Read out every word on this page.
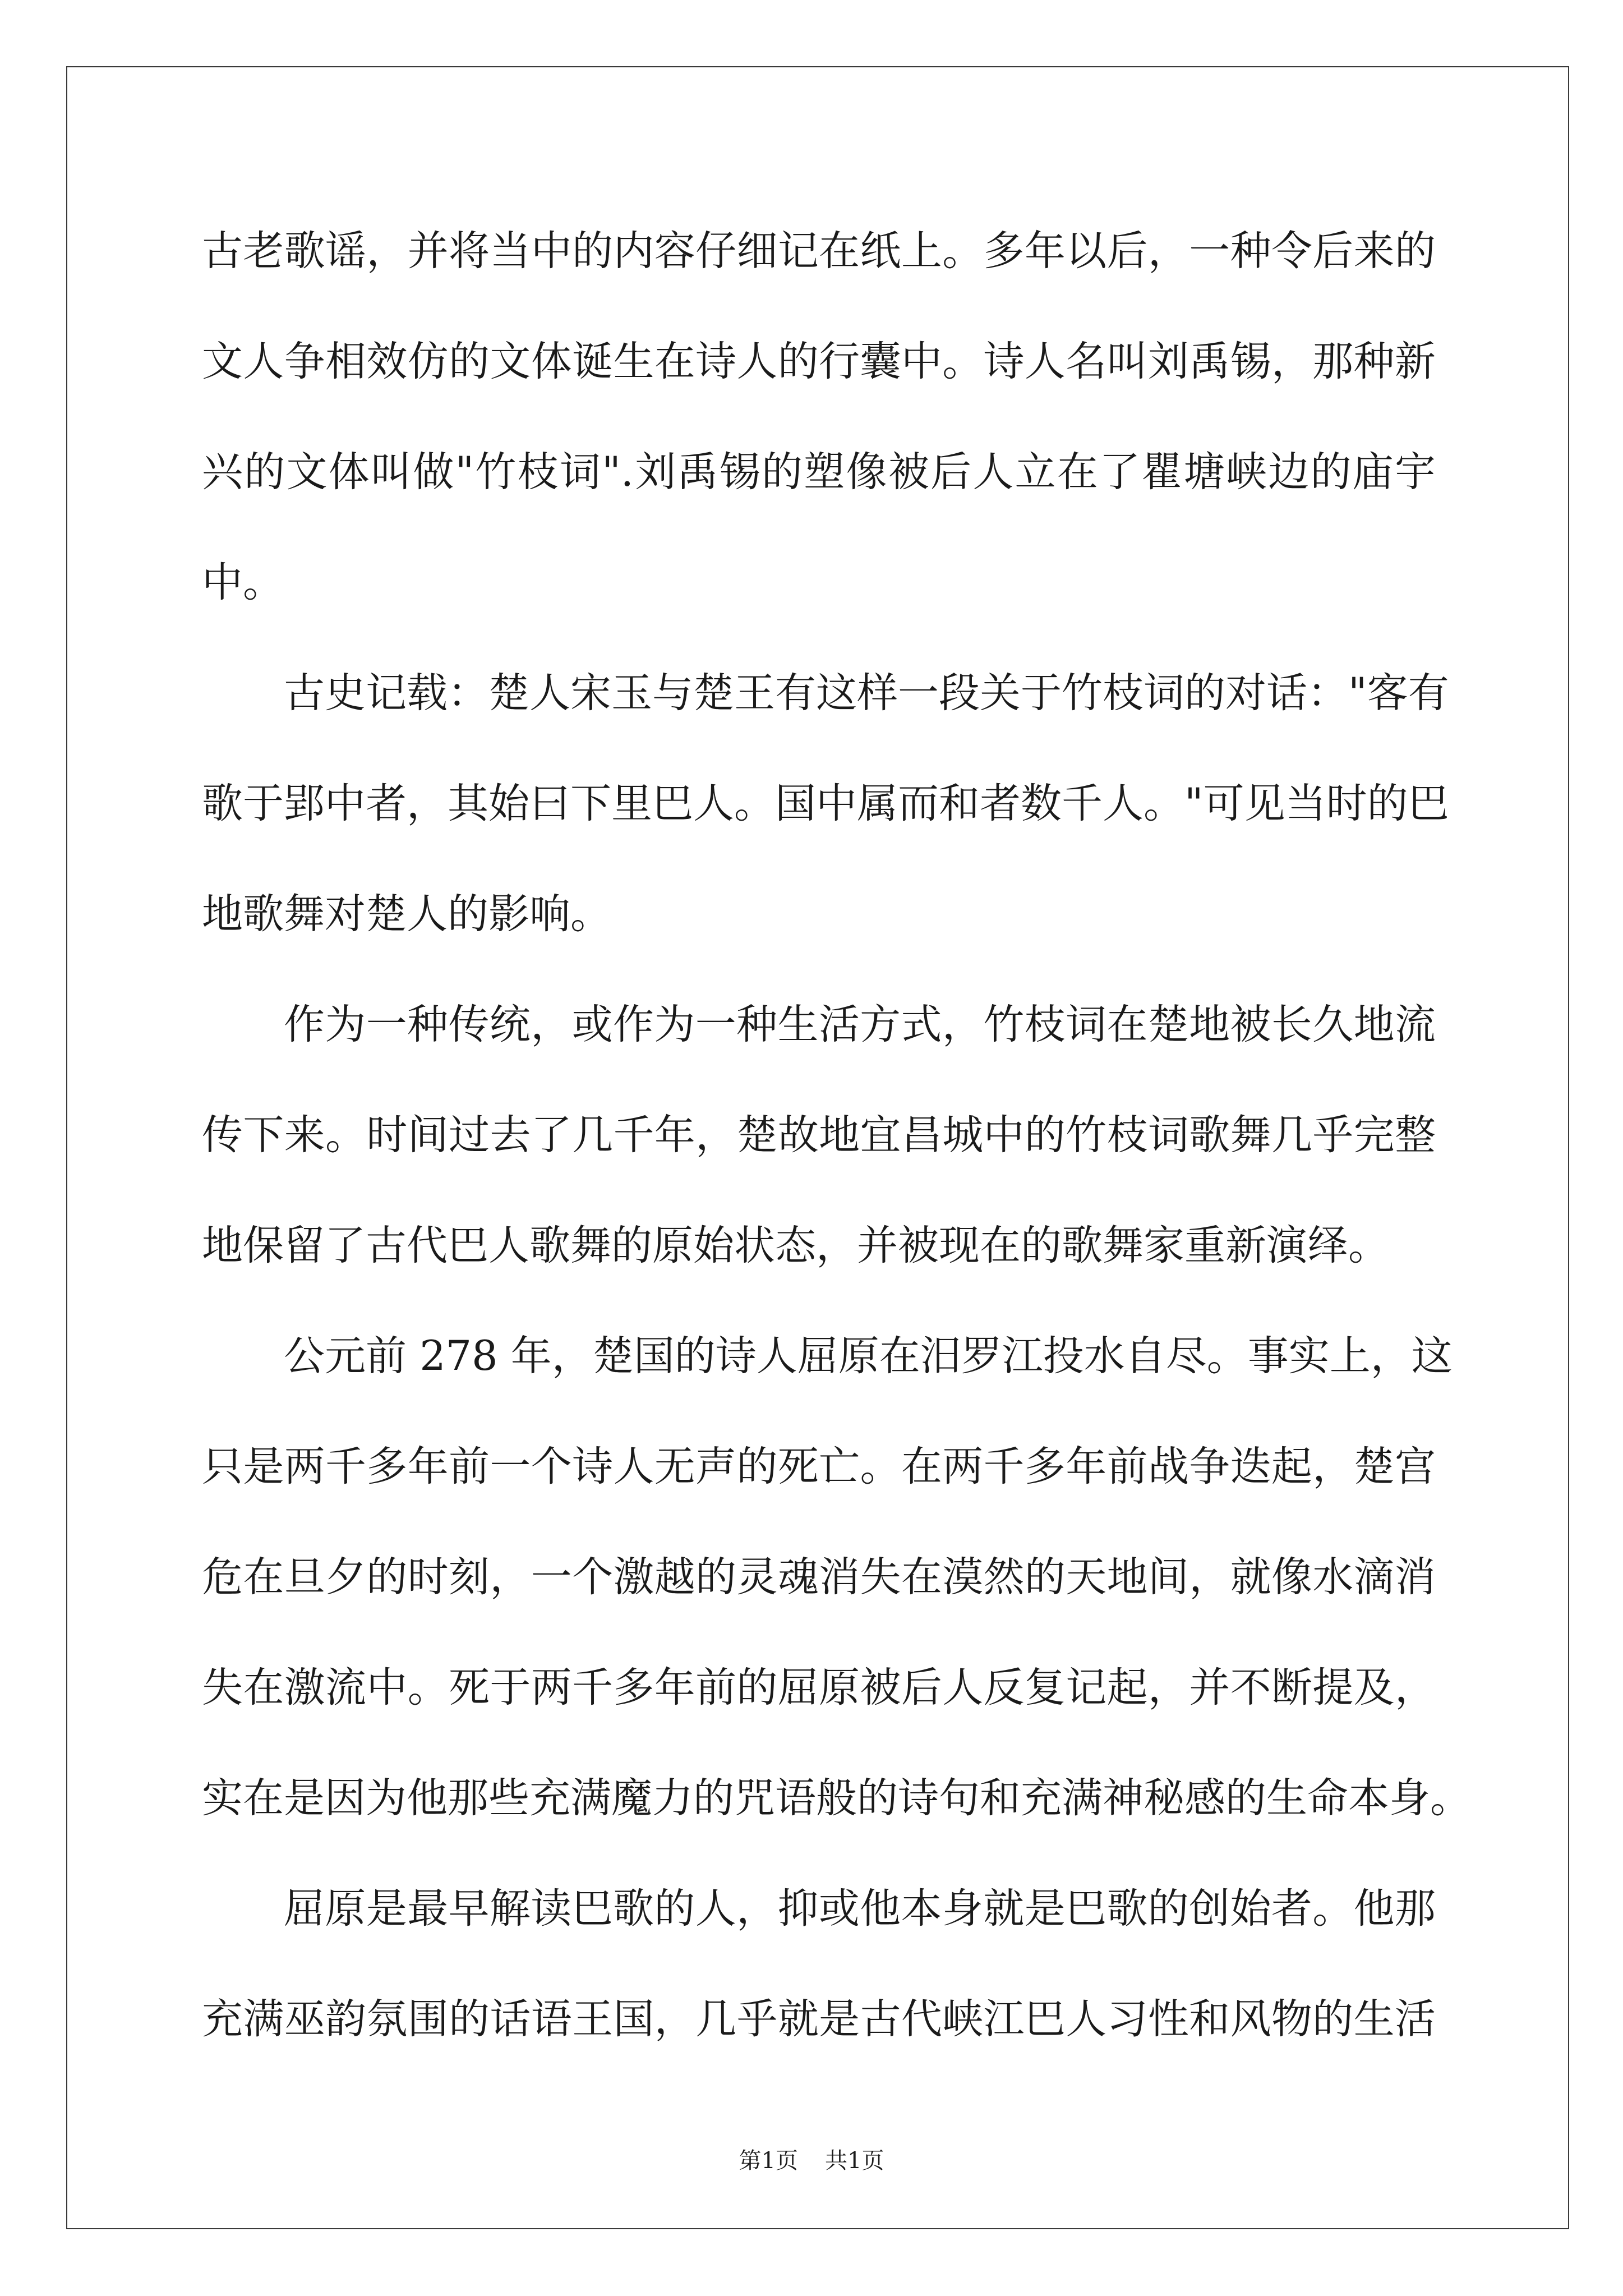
古老歌谣，并将当中的内容仔细记在纸上。多年以后，一种令后来的
文人争相效仿的文体诞生在诗人的行囊中。诗人名叫刘禹锡，那种新
兴的文体叫做"竹枝词".刘禹锡的塑像被后人立在了瞿塘峡边的庙宇
中。
古史记载：楚人宋玉与楚王有这样一段关于竹枝词的对话："客有
歌于郢中者，其始曰下里巴人。国中属而和者数千人。"可见当时的巴
地歌舞对楚人的影响。
作为一种传统，或作为一种生活方式，竹枝词在楚地被长久地流
传下来。时间过去了几千年，楚故地宜昌城中的竹枝词歌舞几乎完整
地保留了古代巴人歌舞的原始状态，并被现在的歌舞家重新演绎。
公元前 278 年，楚国的诗人屈原在汨罗江投水自尽。事实上，这
只是两千多年前一个诗人无声的死亡。在两千多年前战争迭起，楚宫
危在旦夕的时刻，一个激越的灵魂消失在漠然的天地间，就像水滴消
失在激流中。死于两千多年前的屈原被后人反复记起，并不断提及，
实在是因为他那些充满魔力的咒语般的诗句和充满神秘感的生命本身。
屈原是最早解读巴歌的人，抑或他本身就是巴歌的创始者。他那
充满巫韵氛围的话语王国，几乎就是古代峡江巴人习性和风物的生活
第1页 共1页
